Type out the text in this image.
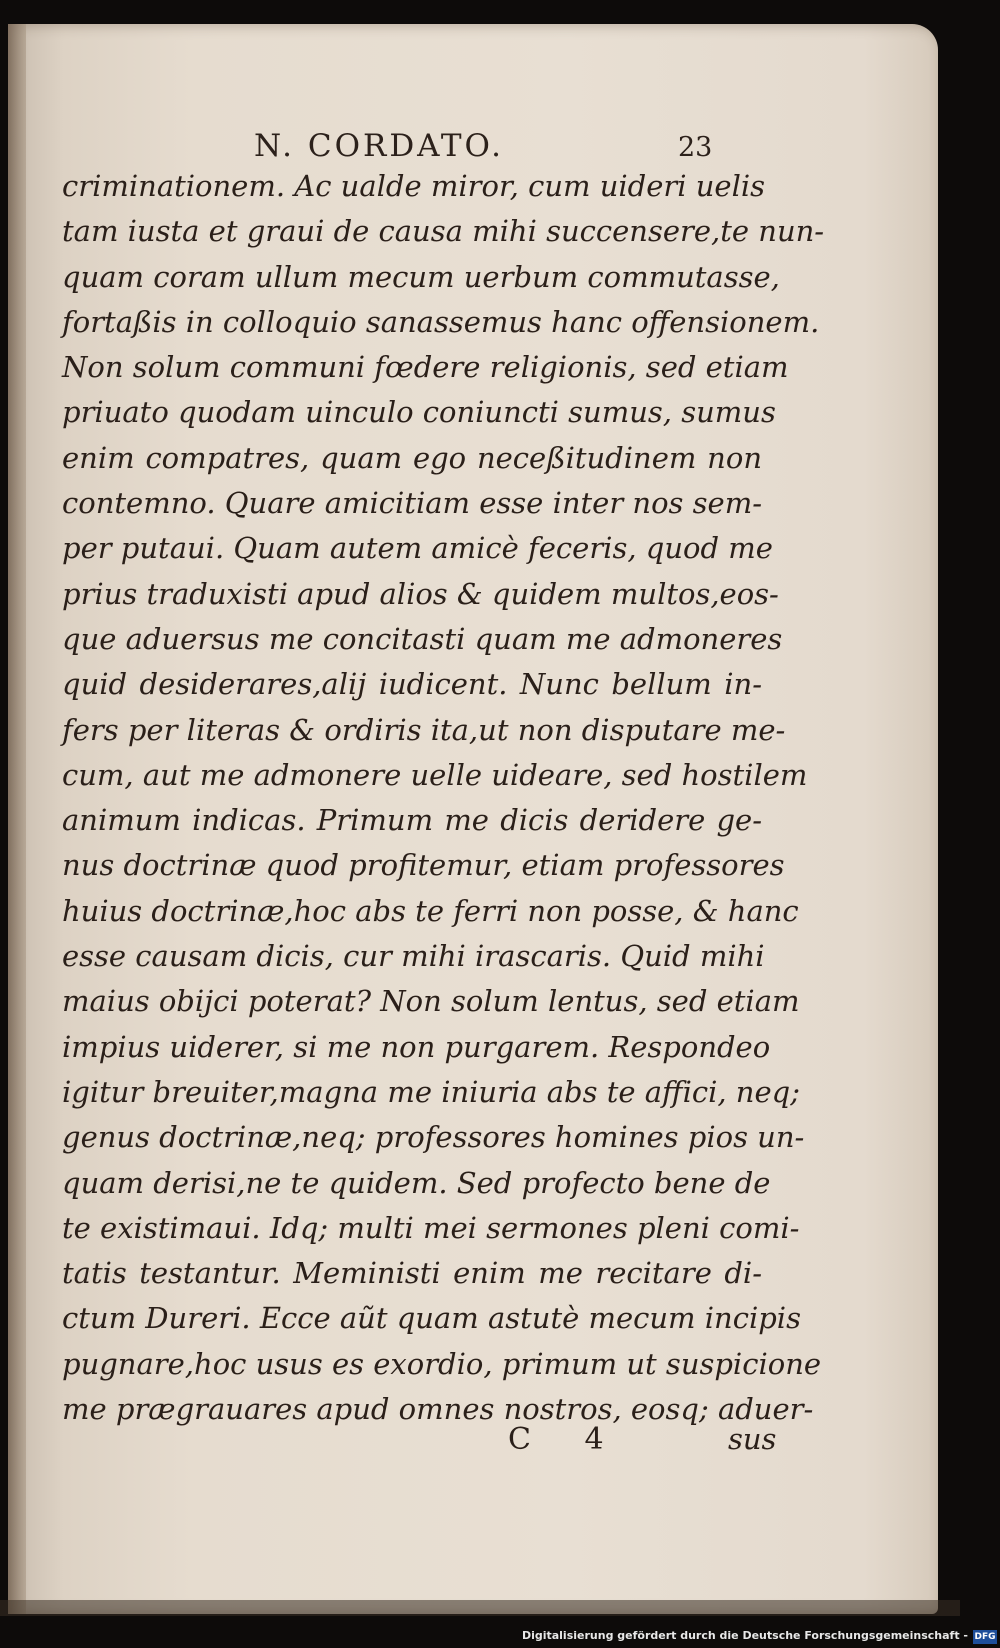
N. CORDATO.	23
criminationem. Ac ualde miror, cum uideri uelis
tam iusta et graui de causa mihi succensere,te nun-
quam coram ullum mecum uerbum commutasse,
fortaßis in colloquio sanassemus hanc offensionem.
Non solum communi fœdere religionis, sed etiam
priuato quodam uinculo coniuncti sumus, sumus
enim compatres, quam ego neceßitudinem non
contemno. Quare amicitiam esse inter nos sem-
per putaui. Quam autem amicè feceris, quod me
prius traduxisti apud alios & quidem multos,eos-
que aduersus me concitasti quam me admoneres
quid desiderares,alij iudicent. Nunc bellum in-
fers per literas & ordiris ita,ut non disputare me-
cum, aut me admonere uelle uideare, sed hostilem
animum indicas. Primum me dicis deridere ge-
nus doctrinæ quod profitemur, etiam professores
huius doctrinæ,hoc abs te ferri non posse, & hanc
esse causam dicis, cur mihi irascaris. Quid mihi
maius obijci poterat? Non solum lentus, sed etiam
impius uiderer, si me non purgarem. Respondeo
igitur breuiter,magna me iniuria abs te affici, neq;
genus doctrinæ,neq; professores homines pios un-
quam derisi,ne te quidem. Sed profecto bene de
te existimaui. Idq; multi mei sermones pleni comi-
tatis testantur. Meministi enim me recitare di-
ctum Dureri. Ecce aũt quam astutè mecum incipis
pugnare,hoc usus es exordio, primum ut suspicione
me prægrauares apud omnes nostros, eosq; aduer-
C 4	sus
Digitalisierung gefördert durch die Deutsche Forschungsgemeinschaft - DFG
